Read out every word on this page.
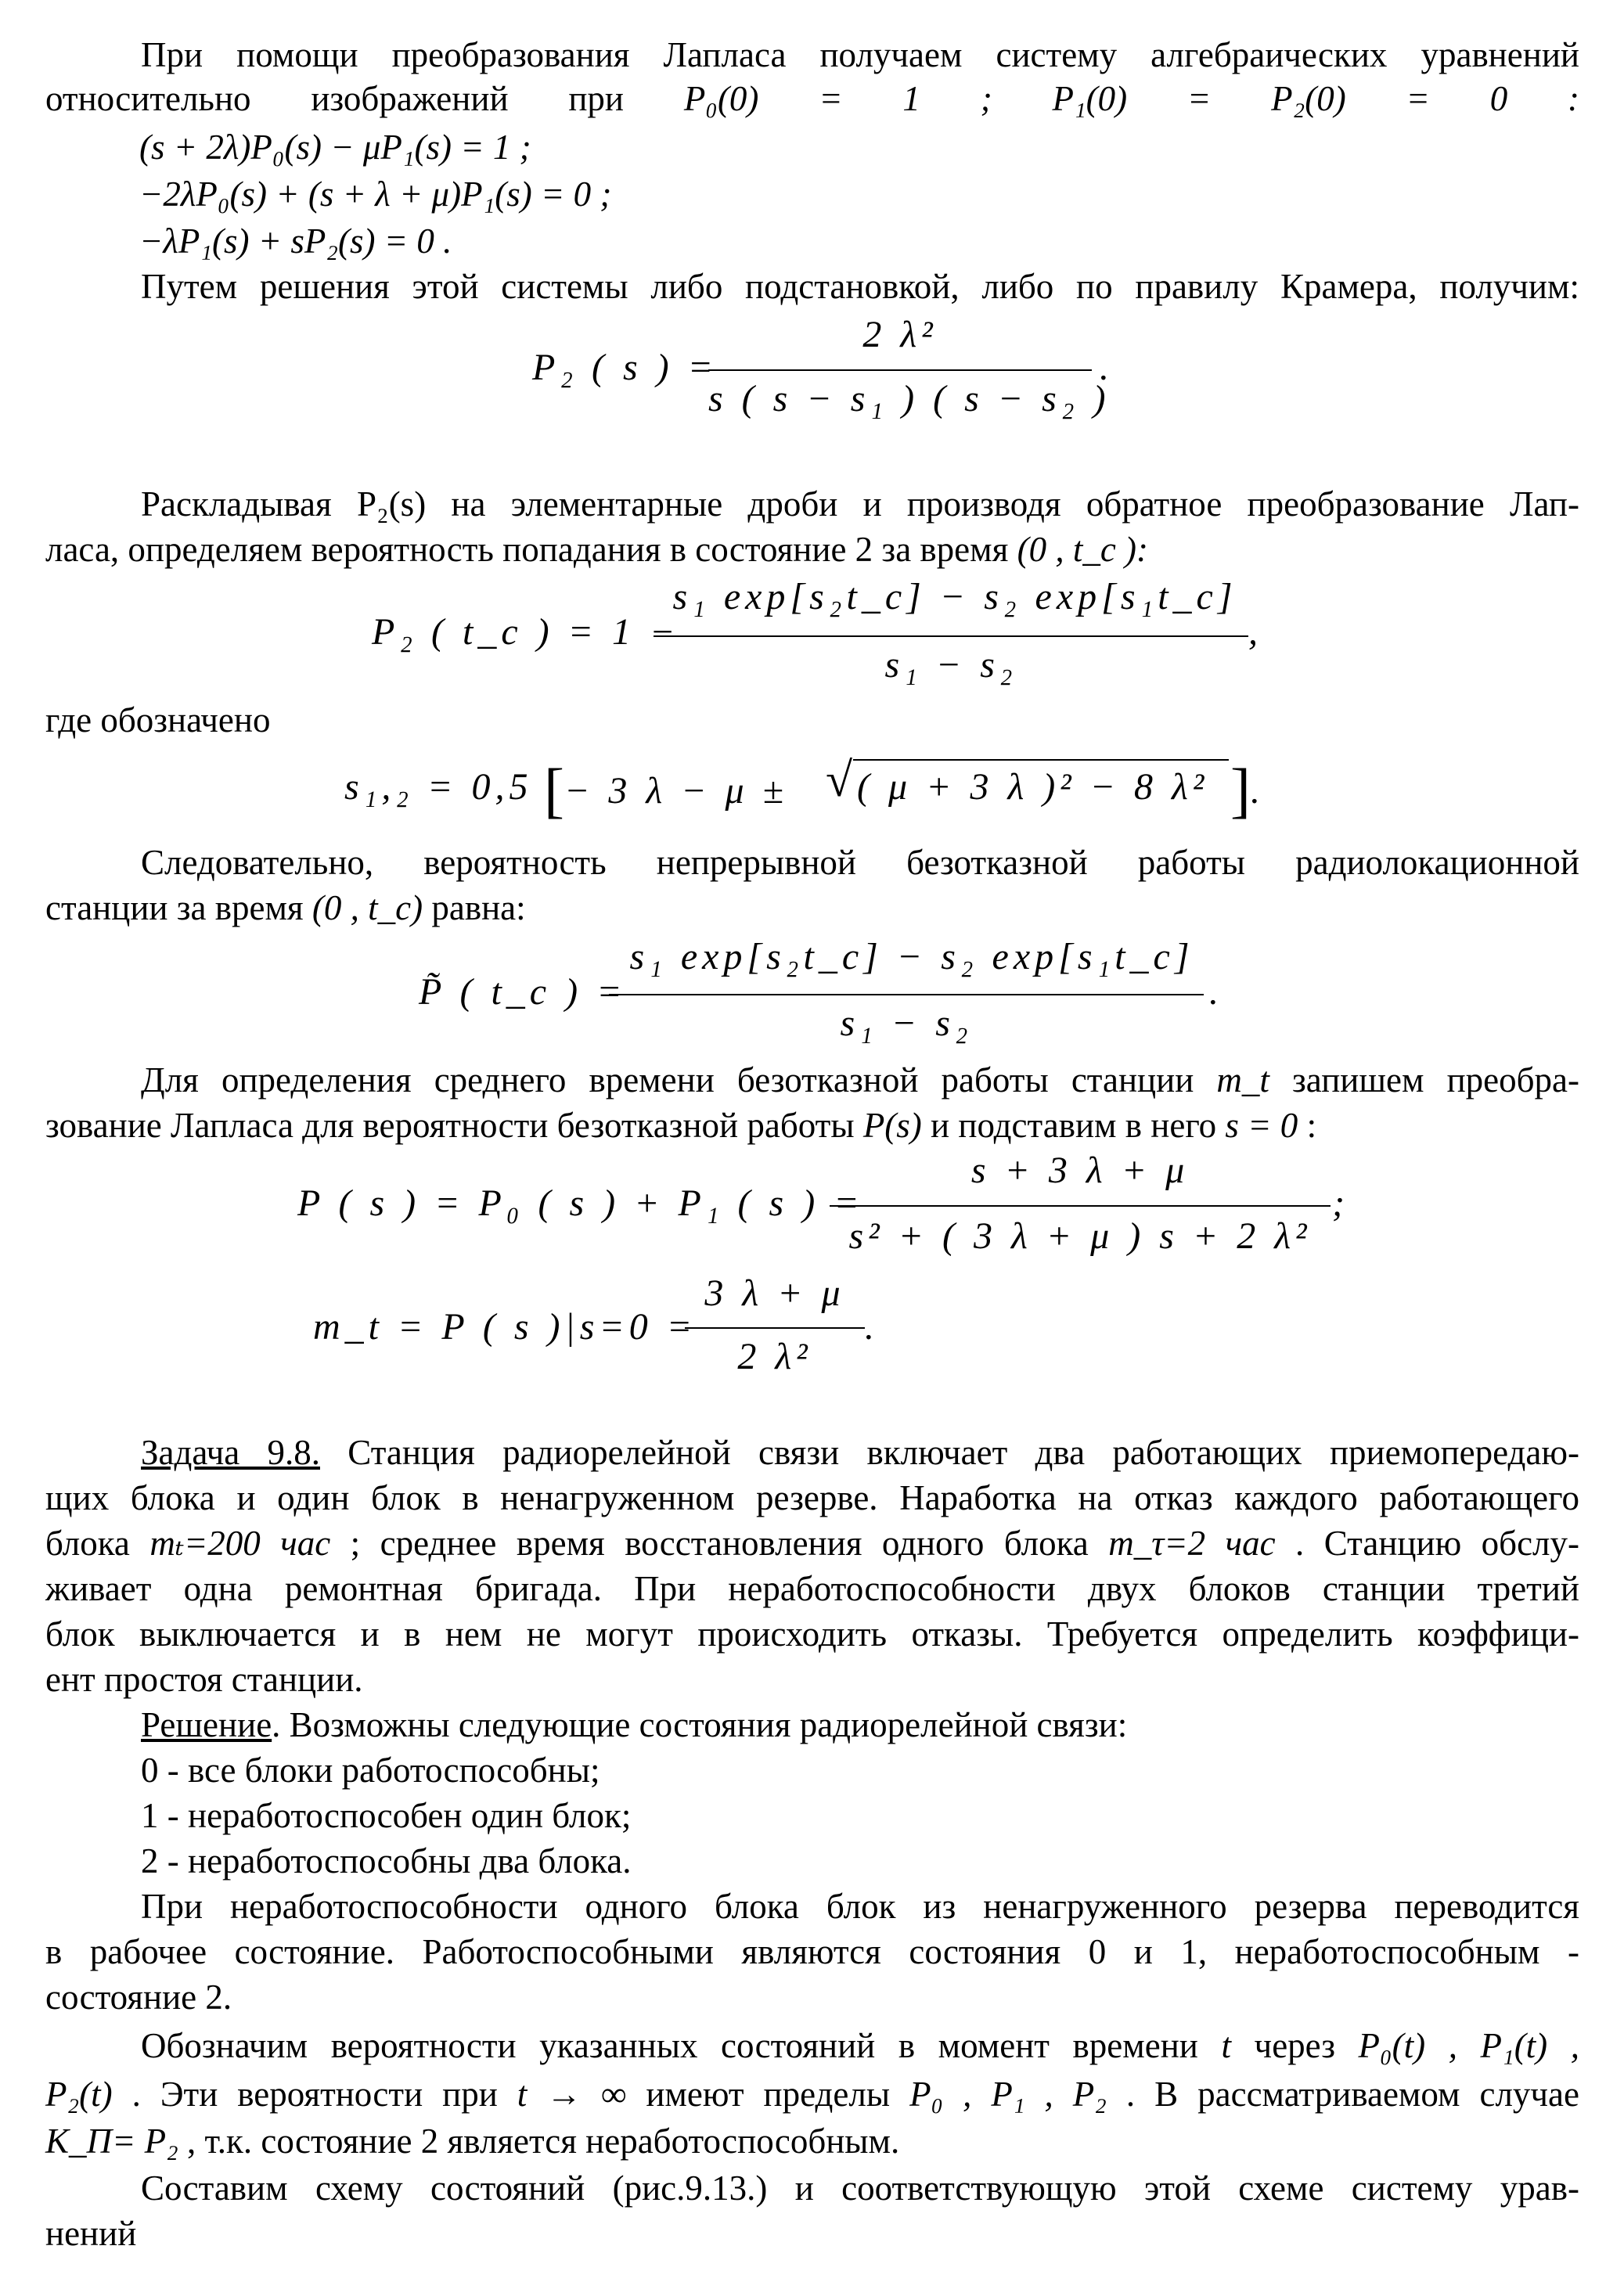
При помощи преобразования Лапласа получаем систему алгебраических уравнений
относительно изображений при P₀(0) = 1 ; P₁(0) = P₂(0) = 0 :
(s + 2λ)P₀(s) − μP₁(s) = 1 ;
−2λP₀(s) + (s + λ + μ)P₁(s) = 0 ;
−λP₁(s) + sP₂(s) = 0 .
Путем решения этой системы либо подстановкой, либо по правилу Крамера, получим:
P₂ ( s ) =
2 λ²
s ( s − s₁ ) ( s − s₂ )
.
Раскладывая P₂(s) на элементарные дроби и производя обратное преобразование Лап-
ласа, определяем вероятность попадания в состояние 2 за время (0 , t_c ):
P₂ ( t_c ) = 1 −
s₁ exp[s₂t_c] − s₂ exp[s₁t_c]
s₁ − s₂
,
где обозначено
s₁,₂ = 0,5 [− 3 λ − μ ± √ ( μ + 3 λ )² − 8 λ² ].
Следовательно, вероятность непрерывной безотказной работы радиолокационной
станции за время (0 , t_c) равна:
P̃ ( t_c ) =
s₁ exp[s₂t_c] − s₂ exp[s₁t_c]
s₁ − s₂
.
Для определения среднего времени безотказной работы станции m_t запишем преобра-
зование Лапласа для вероятности безотказной работы P(s) и подставим в него s = 0 :
P ( s ) = P₀ ( s ) + P₁ ( s ) =
s + 3 λ + μ
s² + ( 3 λ + μ ) s + 2 λ²
;
m_t = P ( s )|s=0 =
3 λ + μ
2 λ²
.
Задача 9.8. Станция радиорелейной связи включает два работающих приемопередаю-
щих блока и один блок в ненагруженном резерве. Наработка на отказ каждого работающего
блока mₜ=200 час ; среднее время восстановления одного блока m_τ=2 час . Станцию обслу-
живает одна ремонтная бригада. При неработоспособности двух блоков станции третий
блок выключается и в нем не могут происходить отказы. Требуется определить коэффици-
ент простоя станции.
Решение. Возможны следующие состояния радиорелейной связи:
0 - все блоки работоспособны;
1 - неработоспособен один блок;
2 - неработоспособны два блока.
При неработоспособности одного блока блок из ненагруженного резерва переводится
в рабочее состояние. Работоспособными являются состояния 0 и 1, неработоспособным -
состояние 2.
Обозначим вероятности указанных состояний в момент времени t через P₀(t) , P₁(t) ,
P₂(t) . Эти вероятности при t → ∞ имеют пределы P₀ , P₁ , P₂ . В рассматриваемом случае
K_П= P₂ , т.к. состояние 2 является неработоспособным.
Составим схему состояний (рис.9.13.) и соответствующую этой схеме систему урав-
нений
